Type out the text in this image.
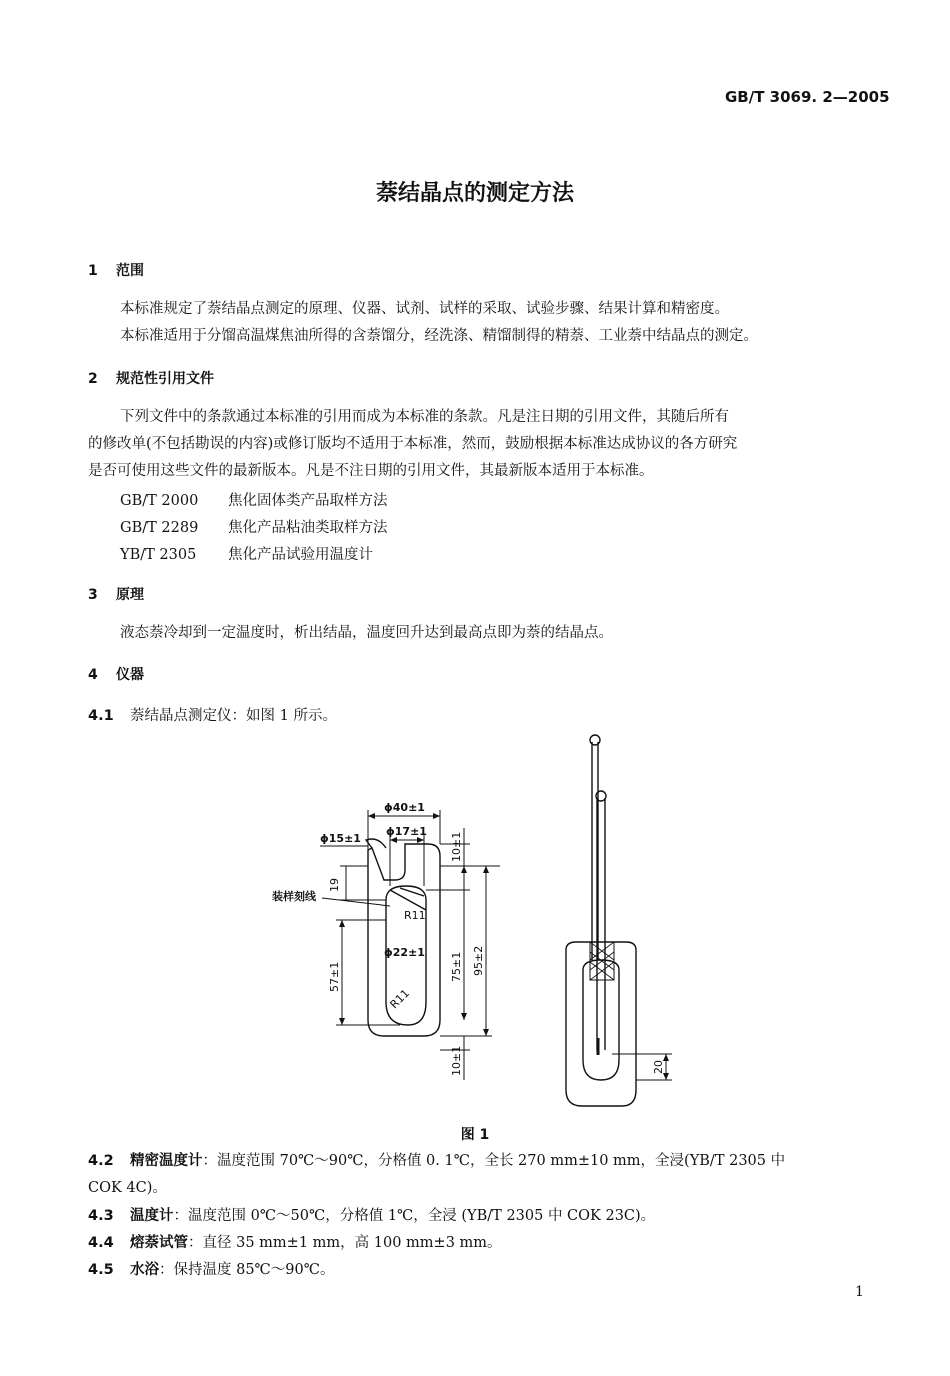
GB/T 3069. 2—2005
萘结晶点的测定方法
1 范围
本标准规定了萘结晶点测定的原理、仪器、试剂、试样的采取、试验步骤、结果计算和精密度。
本标准适用于分馏高温煤焦油所得的含萘馏分，经洗涤、精馏制得的精萘、工业萘中结晶点的测定。
2 规范性引用文件
下列文件中的条款通过本标准的引用而成为本标准的条款。凡是注日期的引用文件，其随后所有
的修改单(不包括勘误的内容)或修订版均不适用于本标准，然而，鼓励根据本标准达成协议的各方研究
是否可使用这些文件的最新版本。凡是不注日期的引用文件，其最新版本适用于本标准。
GB/T 2000 焦化固体类产品取样方法
GB/T 2289 焦化产品粘油类取样方法
YB/T 2305 焦化产品试验用温度计
3 原理
液态萘冷却到一定温度时，析出结晶，温度回升达到最高点即为萘的结晶点。
4 仪器
4.1 萘结晶点测定仪：如图 1 所示。
ϕ40±1
ϕ17±1
ϕ15±1
ϕ22±1
R11
R11
装样刻线
10±1
19
57±1	75±1 95±2
10±1	20
图 1
4.2 精密温度计：温度范围 70℃～90℃，分格值 0. 1℃，全长 270 mm±10 mm，全浸(YB/T 2305 中
COK 4C)。
4.3 温度计：温度范围 0℃～50℃，分格值 1℃，全浸 (YB/T 2305 中 COK 23C)。
4.4 熔萘试管：直径 35 mm±1 mm，高 100 mm±3 mm。
4.5 水浴：保持温度 85℃～90℃。
1
